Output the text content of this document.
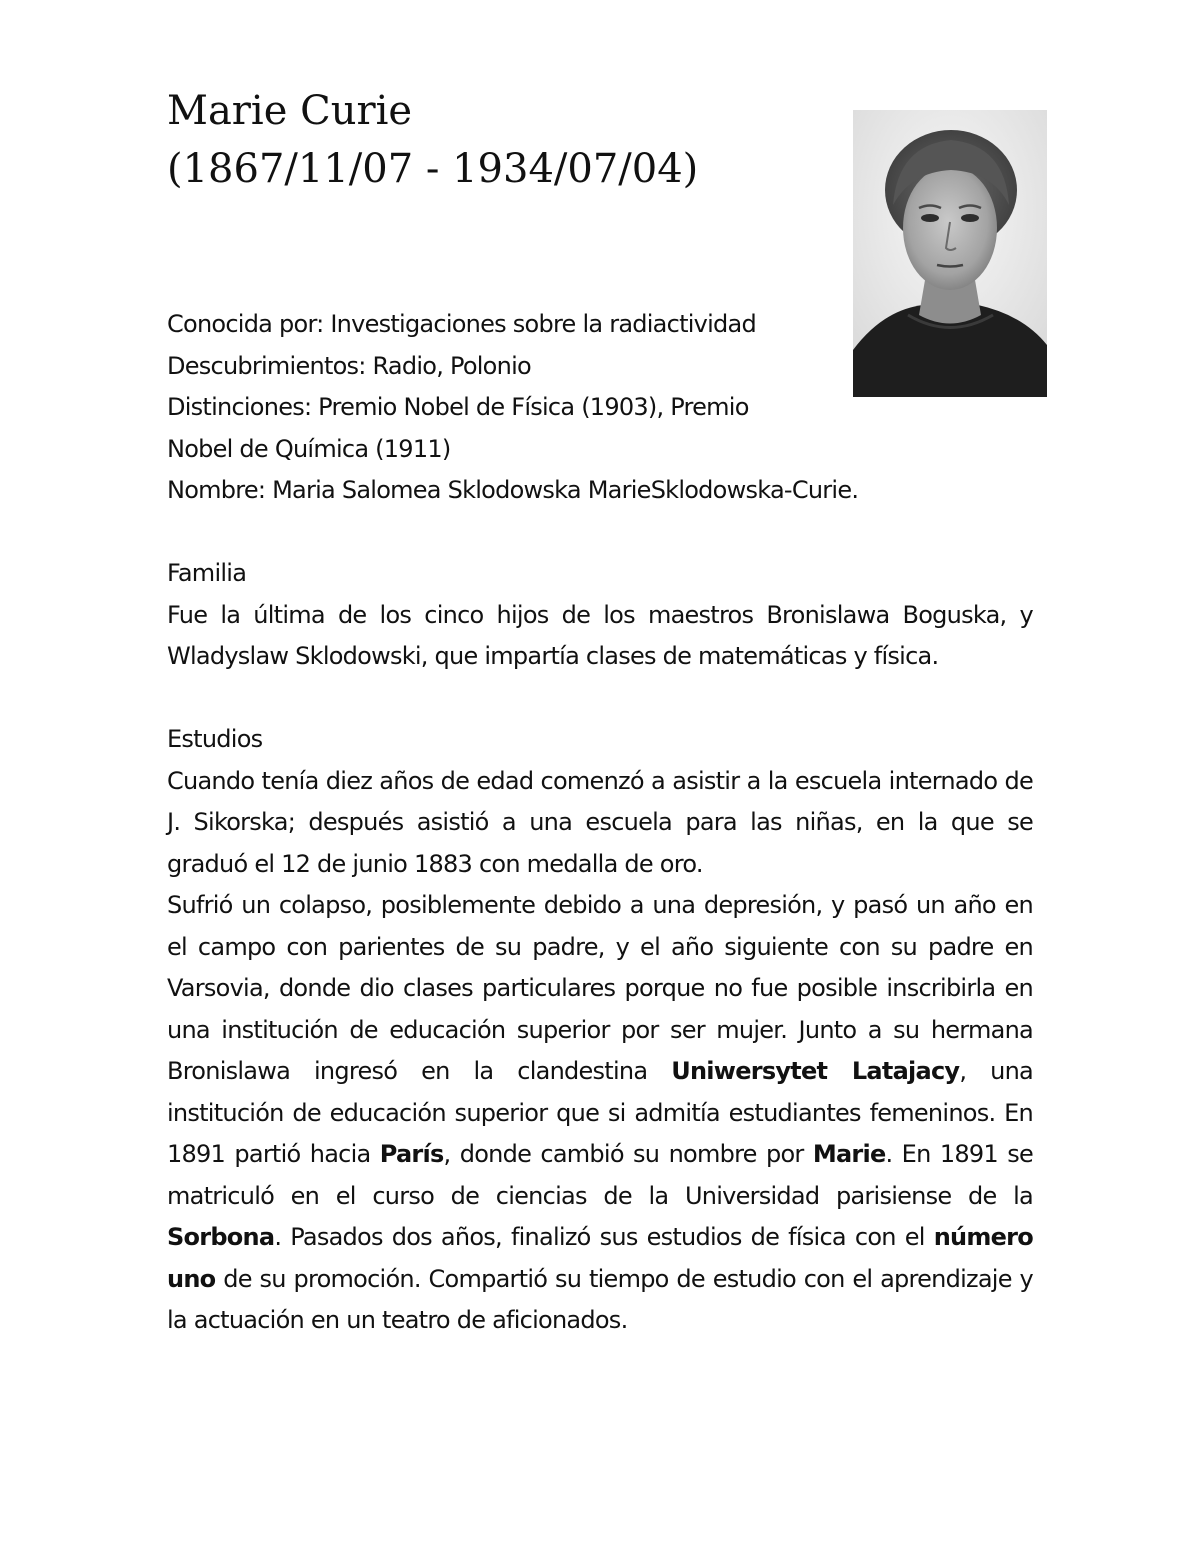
Marie Curie
(1867/11/07 - 1934/07/04)
Conocida por: Investigaciones sobre la radiactividad
Descubrimientos: Radio, Polonio
Distinciones: Premio Nobel de Física (1903), Premio
Nobel de Química (1911)
Nombre: Maria Salomea Sklodowska MarieSklodowska-Curie.
Familia

Fue la última de los cinco hijos de los maestros Bronislawa Boguska, y Wladyslaw Sklodowski, que impartía clases de matemáticas y física.

Estudios

Cuando tenía diez años de edad comenzó a asistir a la escuela internado de J. Sikorska; después asistió a una escuela para las niñas, en la que se graduó el 12 de junio 1883 con medalla de oro.

Sufrió un colapso, posiblemente debido a una depresión, y pasó un año en el campo con parientes de su padre, y el año siguiente con su padre en Varsovia, donde dio clases particulares porque no fue posible inscribirla en una institución de educación superior por ser mujer. Junto a su hermana Bronislawa ingresó en la clandestina Uniwersytet Latajacy, una institución de educación superior que si admitía estudiantes femeninos. En 1891 partió hacia París, donde cambió su nombre por Marie. En 1891 se matriculó en el curso de ciencias de la Universidad parisiense de la Sorbona. Pasados dos años, finalizó sus estudios de física con el número uno de su promoción. Compartió su tiempo de estudio con el aprendizaje y la actuación en un teatro de aficionados.
